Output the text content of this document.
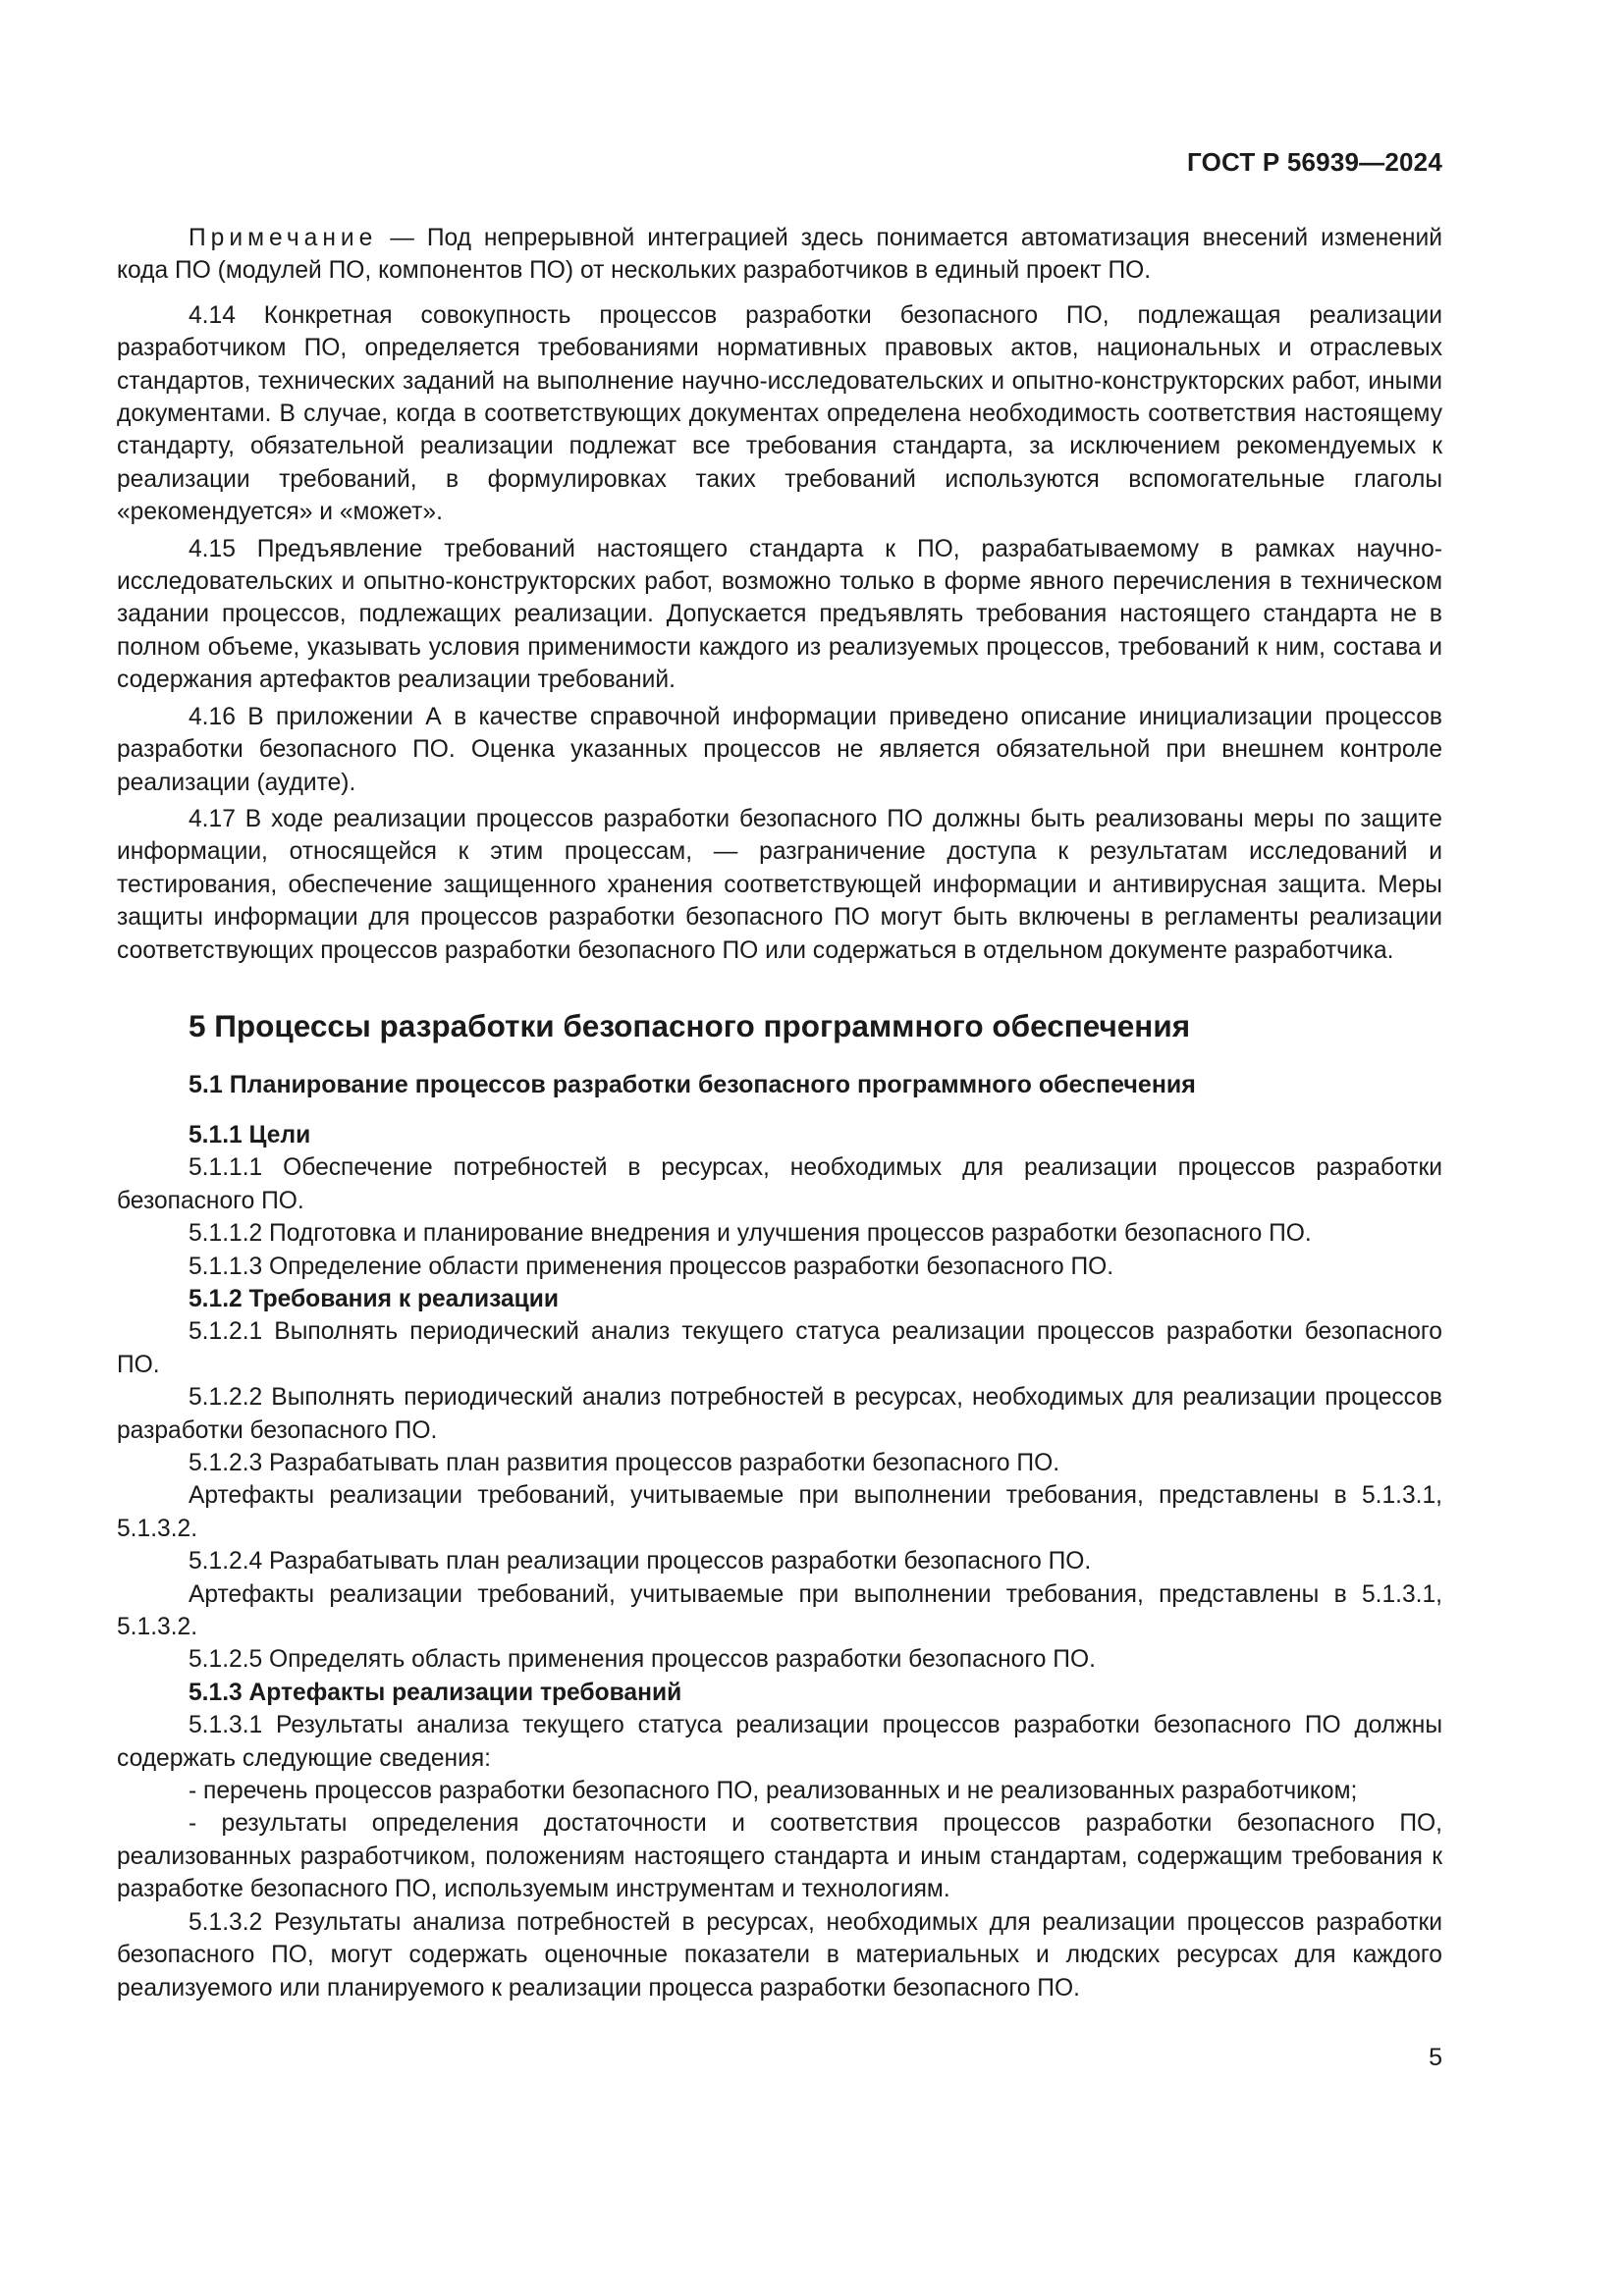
ГОСТ Р 56939—2024

Примечание — Под непрерывной интеграцией здесь понимается автоматизация внесений изменений кода ПО (модулей ПО, компонентов ПО) от нескольких разработчиков в единый проект ПО.

4.14 Конкретная совокупность процессов разработки безопасного ПО, подлежащая реализации разработчиком ПО, определяется требованиями нормативных правовых актов, национальных и отраслевых стандартов, технических заданий на выполнение научно-исследовательских и опытно-конструкторских работ, иными документами. В случае, когда в соответствующих документах определена необходимость соответствия настоящему стандарту, обязательной реализации подлежат все требования стандарта, за исключением рекомендуемых к реализации требований, в формулировках таких требований используются вспомогательные глаголы «рекомендуется» и «может».

4.15 Предъявление требований настоящего стандарта к ПО, разрабатываемому в рамках научно-исследовательских и опытно-конструкторских работ, возможно только в форме явного перечисления в техническом задании процессов, подлежащих реализации. Допускается предъявлять требования настоящего стандарта не в полном объеме, указывать условия применимости каждого из реализуемых процессов, требований к ним, состава и содержания артефактов реализации требований.

4.16 В приложении А в качестве справочной информации приведено описание инициализации процессов разработки безопасного ПО. Оценка указанных процессов не является обязательной при внешнем контроле реализации (аудите).

4.17 В ходе реализации процессов разработки безопасного ПО должны быть реализованы меры по защите информации, относящейся к этим процессам, — разграничение доступа к результатам исследований и тестирования, обеспечение защищенного хранения соответствующей информации и антивирусная защита. Меры защиты информации для процессов разработки безопасного ПО могут быть включены в регламенты реализации соответствующих процессов разработки безопасного ПО или содержаться в отдельном документе разработчика.

5 Процессы разработки безопасного программного обеспечения
5.1 Планирование процессов разработки безопасного программного обеспечения

5.1.1 Цели

5.1.1.1 Обеспечение потребностей в ресурсах, необходимых для реализации процессов разработки безопасного ПО.

5.1.1.2 Подготовка и планирование внедрения и улучшения процессов разработки безопасного ПО.

5.1.1.3 Определение области применения процессов разработки безопасного ПО.

5.1.2 Требования к реализации

5.1.2.1 Выполнять периодический анализ текущего статуса реализации процессов разработки безопасного ПО.

5.1.2.2 Выполнять периодический анализ потребностей в ресурсах, необходимых для реализации процессов разработки безопасного ПО.

5.1.2.3 Разрабатывать план развития процессов разработки безопасного ПО.

Артефакты реализации требований, учитываемые при выполнении требования, представлены в 5.1.3.1, 5.1.3.2.

5.1.2.4 Разрабатывать план реализации процессов разработки безопасного ПО.

Артефакты реализации требований, учитываемые при выполнении требования, представлены в 5.1.3.1, 5.1.3.2.

5.1.2.5 Определять область применения процессов разработки безопасного ПО.

5.1.3 Артефакты реализации требований

5.1.3.1 Результаты анализа текущего статуса реализации процессов разработки безопасного ПО должны содержать следующие сведения:

- перечень процессов разработки безопасного ПО, реализованных и не реализованных разработчиком;

- результаты определения достаточности и соответствия процессов разработки безопасного ПО, реализованных разработчиком, положениям настоящего стандарта и иным стандартам, содержащим требования к разработке безопасного ПО, используемым инструментам и технологиям.

5.1.3.2 Результаты анализа потребностей в ресурсах, необходимых для реализации процессов разработки безопасного ПО, могут содержать оценочные показатели в материальных и людских ресурсах для каждого реализуемого или планируемого к реализации процесса разработки безопасного ПО.

5
